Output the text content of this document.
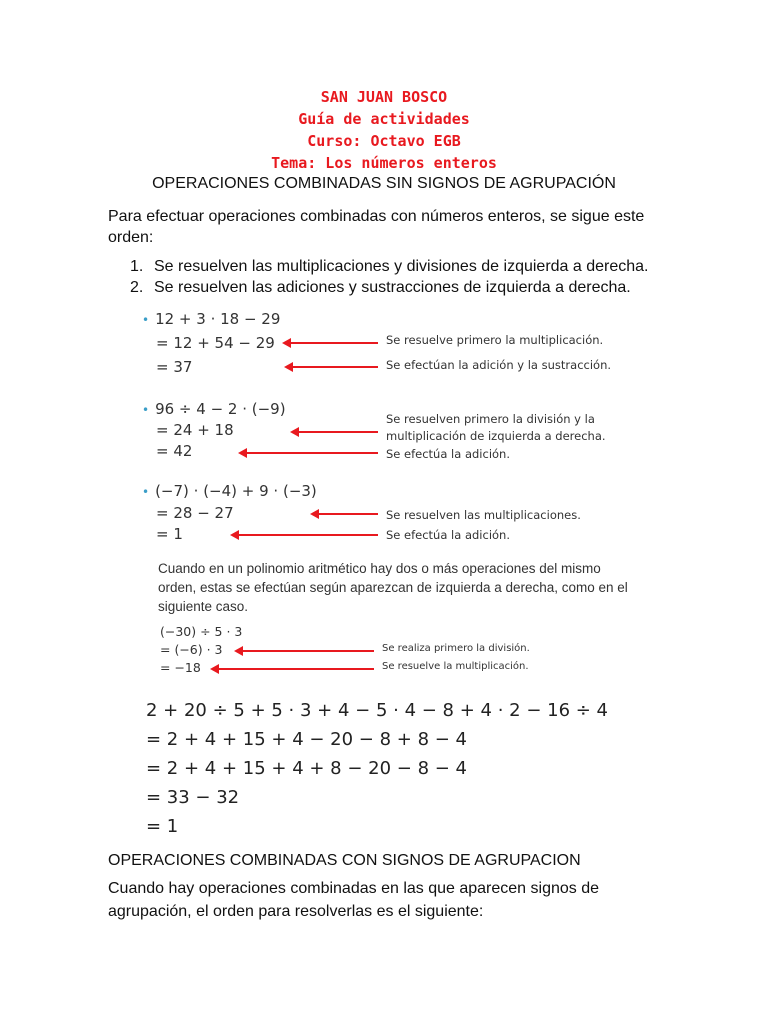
SAN JUAN BOSCO
Guía de actividades
Curso: Octavo EGB
Tema: Los números enteros
OPERACIONES COMBINADAS SIN SIGNOS DE AGRUPACIÓN
Para efectuar operaciones combinadas con números enteros, se sigue este orden:
1. Se resuelven las multiplicaciones y divisiones de izquierda a derecha.
2. Se resuelven las adiciones y sustracciones de izquierda a derecha.
• 12 + 3 · 18 − 29
= 12 + 54 − 29
= 37
Se resuelve primero la multiplicación.
Se efectúan la adición y la sustracción.
• 96 ÷ 4 − 2 · (−9)
= 24 + 18
= 42
Se resuelven primero la división y la multiplicación de izquierda a derecha.
Se efectúa la adición.
• (−7) · (−4) + 9 · (−3)
= 28 − 27
= 1
Se resuelven las multiplicaciones.
Se efectúa la adición.
Cuando en un polinomio aritmético hay dos o más operaciones del mismo orden, estas se efectúan según aparezcan de izquierda a derecha, como en el siguiente caso.
(−30) ÷ 5 · 3
= (−6) · 3
= −18
Se realiza primero la división.
Se resuelve la multiplicación.
2 + 20 ÷ 5 + 5 · 3 + 4 − 5 · 4 − 8 + 4 · 2 − 16 ÷ 4
= 2 + 4 + 15 + 4 − 20 − 8 + 8 − 4
= 2 + 4 + 15 + 4 + 8 − 20 − 8 − 4
= 33 − 32
= 1
OPERACIONES COMBINADAS CON SIGNOS DE AGRUPACION
Cuando hay operaciones combinadas en las que aparecen signos de agrupación, el orden para resolverlas es el siguiente:
